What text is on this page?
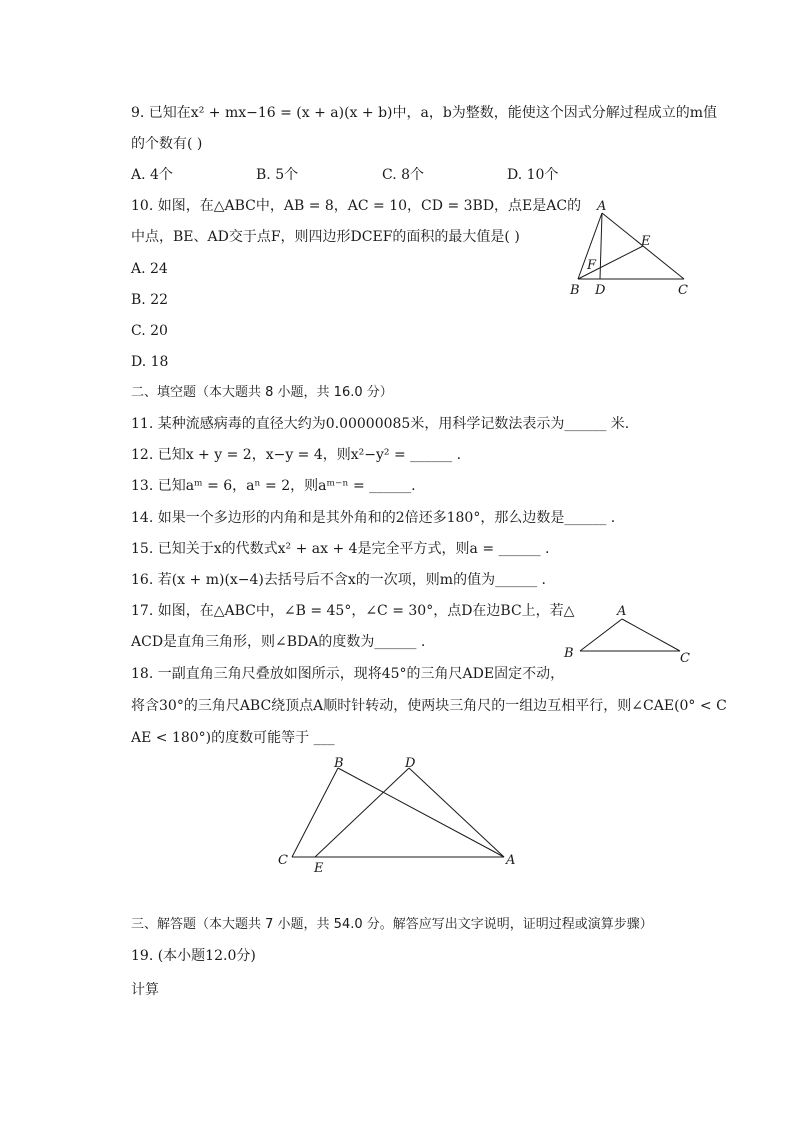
9. 已知在x² + mx−16 = (x + a)(x + b)中，a，b为整数，能使这个因式分解过程成立的m值
的个数有( )
A. 4个	B. 5个	C. 8个	D. 10个
10. 如图，在△ABC中，AB = 8，AC = 10，CD = 3BD，点E是AC的
中点，BE、AD交于点F，则四边形DCEF的面积的最大值是( )
A. 24
B. 22
C. 20
D. 18
A
E
F
B D	C
二、填空题（本大题共 8 小题，共 16.0 分）
11. 某种流感病毒的直径大约为0.00000085米，用科学记数法表示为______ 米.
12. 已知x + y = 2，x−y = 4，则x²−y² = ______ .
13. 已知aᵐ = 6，aⁿ = 2，则aᵐ⁻ⁿ = ______.
14. 如果一个多边形的内角和是其外角和的2倍还多180°，那么边数是______ .
15. 已知关于x的代数式x² + ax + 4是完全平方式，则a = ______ .
16. 若(x + m)(x−4)去括号后不含x的一次项，则m的值为______ .
17. 如图，在△ABC中，∠B = 45°，∠C = 30°，点D在边BC上，若△
ACD是直角三角形，则∠BDA的度数为______ .
A
B	C
18. 一副直角三角尺叠放如图所示，现将45°的三角尺ADE固定不动，
将含30°的三角尺ABC绕顶点A顺时针转动，使两块三角尺的一组边互相平行，则∠CAE(0° < C
AE < 180°)的度数可能等于 ___
B	D
C
E
A
三、解答题（本大题共 7 小题，共 54.0 分。解答应写出文字说明，证明过程或演算步骤）
19. (本小题12.0分)
计算
